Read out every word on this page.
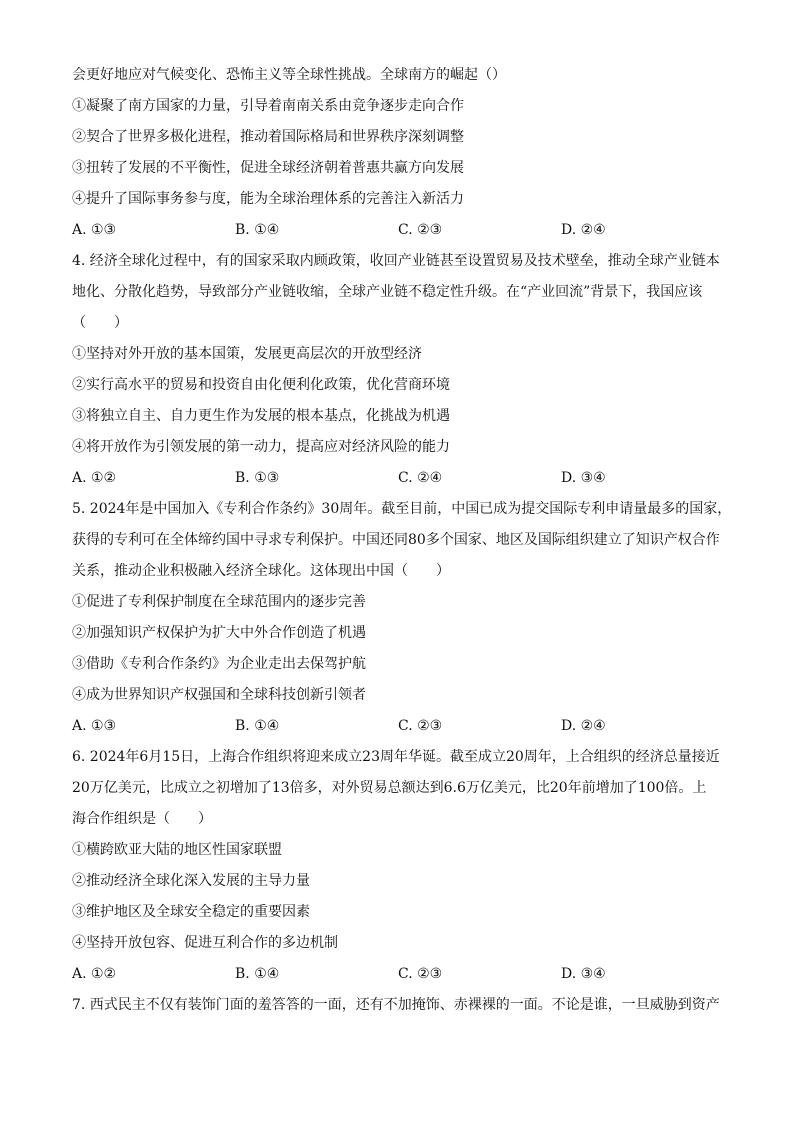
会更好地应对气候变化、恐怖主义等全球性挑战。全球南方的崛起（）
①凝聚了南方国家的力量，引导着南南关系由竞争逐步走向合作
②契合了世界多极化进程，推动着国际格局和世界秩序深刻调整
③扭转了发展的不平衡性，促进全球经济朝着普惠共赢方向发展
④提升了国际事务参与度，能为全球治理体系的完善注入新活力
A. ①③	B. ①④	C. ②③	D. ②④
4. 经济全球化过程中，有的国家采取内顾政策，收回产业链甚至设置贸易及技术壁垒，推动全球产业链本
地化、分散化趋势，导致部分产业链收缩，全球产业链不稳定性升级。在“产业回流”背景下，我国应该
（　　）
①坚持对外开放的基本国策，发展更高层次的开放型经济
②实行高水平的贸易和投资自由化便利化政策，优化营商环境
③将独立自主、自力更生作为发展的根本基点，化挑战为机遇
④将开放作为引领发展的第一动力，提高应对经济风险的能力
A. ①②	B. ①③	C. ②④	D. ③④
5. 2024年是中国加入《专利合作条约》30周年。截至目前，中国已成为提交国际专利申请量最多的国家，
获得的专利可在全体缔约国中寻求专利保护。中国还同80多个国家、地区及国际组织建立了知识产权合作
关系，推动企业积极融入经济全球化。这体现出中国（　　）
①促进了专利保护制度在全球范围内的逐步完善
②加强知识产权保护为扩大中外合作创造了机遇
③借助《专利合作条约》为企业走出去保驾护航
④成为世界知识产权强国和全球科技创新引领者
A. ①③	B. ①④	C. ②③	D. ②④
6. 2024年6月15日，上海合作组织将迎来成立23周年华诞。截至成立20周年，上合组织的经济总量接近
20万亿美元，比成立之初增加了13倍多，对外贸易总额达到6.6万亿美元，比20年前增加了100倍。上
海合作组织是（　　）
①横跨欧亚大陆的地区性国家联盟
②推动经济全球化深入发展的主导力量
③维护地区及全球安全稳定的重要因素
④坚持开放包容、促进互利合作的多边机制
A. ①②	B. ①④	C. ②③	D. ③④
7. 西式民主不仅有装饰门面的羞答答的一面，还有不加掩饰、赤裸裸的一面。不论是谁，一旦威胁到资产
